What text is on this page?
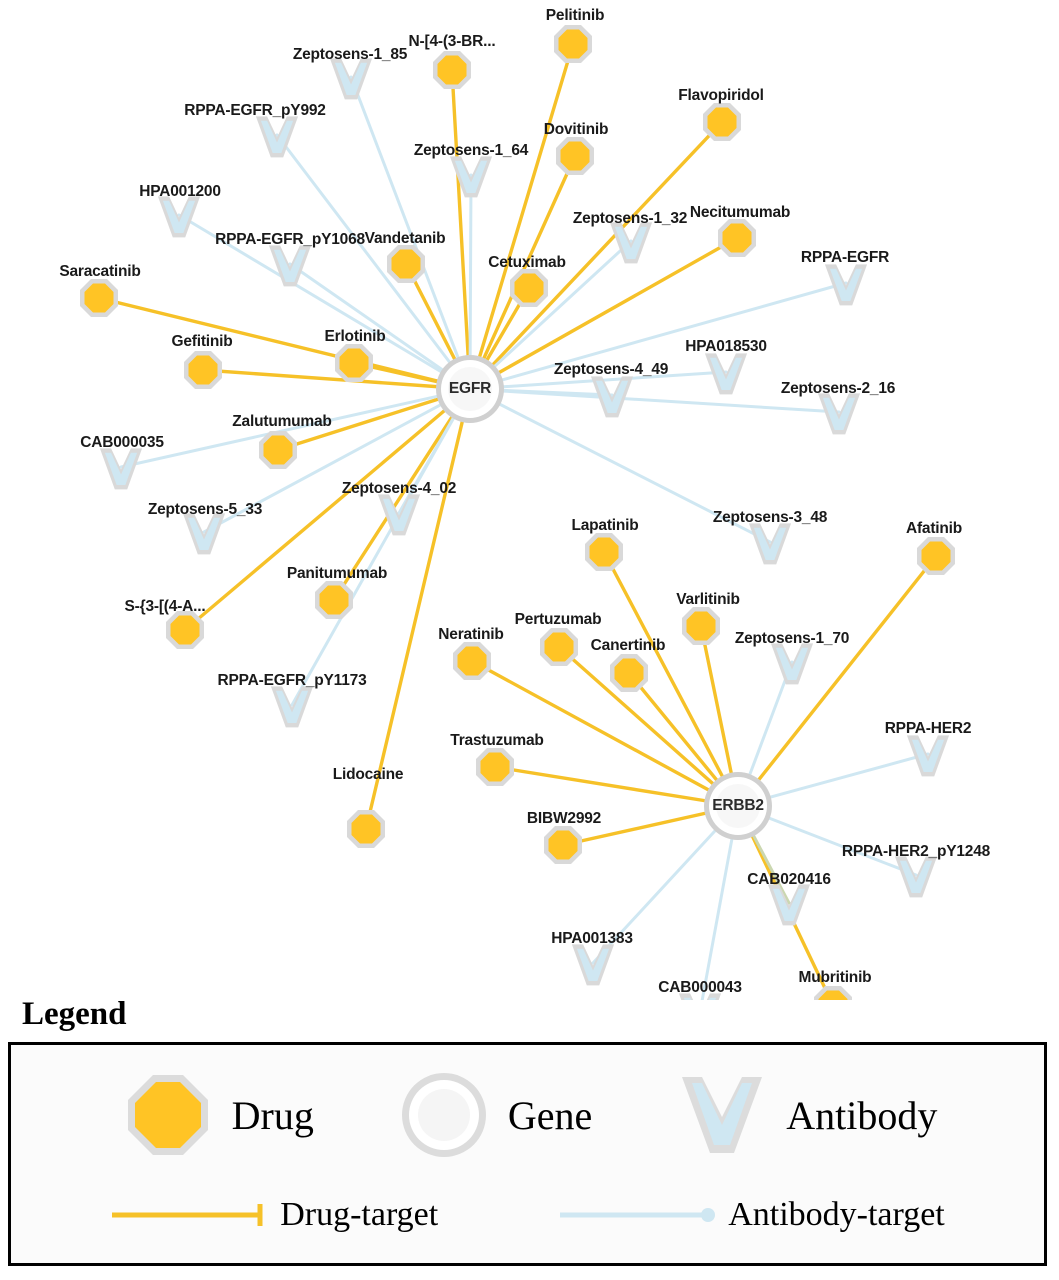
Zeptosens-1_85
RPPA-EGFR_pY992
Zeptosens-1_64
HPA001200
Zeptosens-1_32
RPPA-EGFR_pY1068
RPPA-EGFR
HPA018530
Zeptosens-4_49
Zeptosens-2_16
CAB000035
Zeptosens-4_02
Zeptosens-5_33	Zeptosens-3_48
Zeptosens-1_70
RPPA-EGFR_pY1173
RPPA-HER2
RPPA-HER2_pY1248
CAB020416
HPA001383
CAB000043
Pelitinib
N-[4-(3-BR...
Flavopiridol
Dovitinib
Necitumumab
Vandetanib
Cetuximab
Saracatinib
Erlotinib
Gefitinib
Zalutumumab
Lapatinib	Afatinib
Panitumumab
S-{3-[(4-A...	Varlitinib
Pertuzumab
Canertinib
Neratinib
Trastuzumab
Lidocaine
BIBW2992
Mubritinib
EGFR
ERBB2
Legend
Drug	Gene	Antibody
Drug-target	Antibody-target
